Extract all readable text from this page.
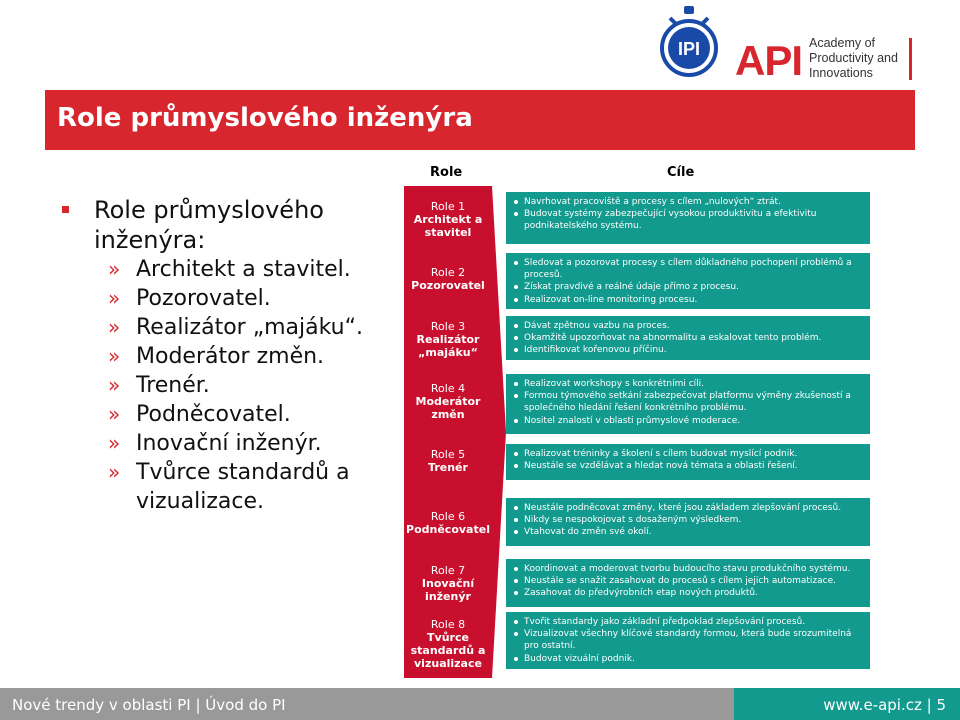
IPI API Academy of
Productivity and
Innovations
Role průmyslového inženýra
Role průmyslového inženýra:
» Architekt a stavitel.
» Pozorovatel.
» Realizátor „majáku“.
» Moderátor změn.
» Trenér.
» Podněcovatel.
» Inovační inženýr.
» Tvůrce standardů a vizualizace.
Role	Cíle
Role 1
Architekt a stavitel
Role 2
Pozorovatel
Role 3
Realizátor „majáku“
Role 4
Moderátor změn
Role 5
Trenér
Role 6
Podněcovatel
Role 7
Inovační inženýr
Role 8
Tvůrce standardů a vizualizace
Navrhovat pracoviště a procesy s cílem „nulových“ ztrát.
Budovat systémy zabezpečující vysokou produktivitu a efektivitu podnikatelského systému.
Sledovat a pozorovat procesy s cílem důkladného pochopení problémů a procesů.
Získat pravdivé a reálné údaje přímo z procesu.
Realizovat on-line monitoring procesu.
Dávat zpětnou vazbu na proces.
Okamžitě upozorňovat na abnormalitu a eskalovat tento problém.
Identifikovat kořenovou příčinu.
Realizovat workshopy s konkrétními cíli.
Formou týmového setkání zabezpečovat platformu výměny zkušeností a společného hledání řešení konkrétního problému.
Nositel znalostí v oblasti průmyslové moderace.
Realizovat tréninky a školení s cílem budovat myslící podnik.
Neustále se vzdělávat a hledat nová témata a oblasti řešení.
Neustále podněcovat změny, které jsou základem zlepšování procesů.
Nikdy se nespokojovat s dosaženým výsledkem.
Vtahovat do změn své okolí.
Koordinovat a moderovat tvorbu budoucího stavu produkčního systému.
Neustále se snažit zasahovat do procesů s cílem jejich automatizace.
Zasahovat do předvýrobních etap nových produktů.
Tvořit standardy jako základní předpoklad zlepšování procesů.
Vizualizovat všechny klíčové standardy formou, která bude srozumitelná pro ostatní.
Budovat vizuální podnik.
Nové trendy v oblasti PI | Úvod do PI	www.e-api.cz | 5
